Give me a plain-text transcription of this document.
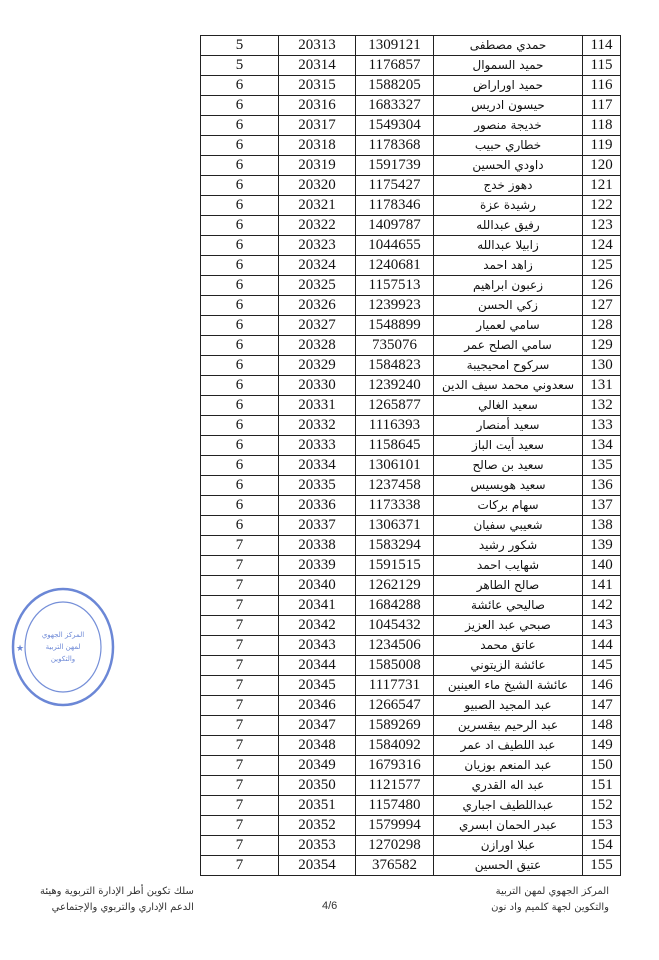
5	20313	1309121	حمدي مصطفى	114
5	20314	1176857	حميد السموال	115
6	20315	1588205	حميد اوراراض	116
6	20316	1683327	حيسون ادريس	117
6	20317	1549304	خديجة منصور	118
6	20318	1178368	خطاري حبيب	119
6	20319	1591739	داودي الحسين	120
6	20320	1175427	دهوز خدج	121
6	20321	1178346	رشيدة عزة	122
6	20322	1409787	رفيق عبدالله	123
6	20323	1044655	زابيلا عبدالله	124
6	20324	1240681	زاهد احمد	125
6	20325	1157513	زعبون ابراهيم	126
6	20326	1239923	زكي الحسن	127
6	20327	1548899	سامي لعميار	128
6	20328	735076	سامي الصلح عمر	129
6	20329	1584823	سركوح امحيجيبة	130
6	20330	1239240	سعدوني محمد سيف الدين	131
6	20331	1265877	سعيد الغالي	132
6	20332	1116393	سعيد أمنصار	133
6	20333	1158645	سعيد أيت الباز	134
6	20334	1306101	سعيد بن صالح	135
6	20335	1237458	سعيد هويسيس	136
6	20336	1173338	سهام بركات	137
6	20337	1306371	شعيبي سفيان	138
7	20338	1583294	شكور رشيد	139
7	20339	1591515	شهايب احمد	140
7	20340	1262129	صالح الطاهر	141
7	20341	1684288	صاليحي عائشة	142
7	20342	1045432	صبحي عبد العزيز	143
7	20343	1234506	عاتق محمد	144
7	20344	1585008	عائشة الزيتوني	145
7	20345	1117731	عائشة الشيخ ماء العينين	146
7	20346	1266547	عبد المجيد الصبيو	147
7	20347	1589269	عبد الرحيم بيقسرين	148
7	20348	1584092	عبد اللطيف اد عمر	149
7	20349	1679316	عبد المنعم بوزيان	150
7	20350	1121577	عبد اله القدري	151
7	20351	1157480	عبداللطيف اجباري	152
7	20352	1579994	عبدر الحمان ابسري	153
7	20353	1270298	عبلا اورازن	154
7	20354	376582	عتيق الحسين	155
المركز الجهوي
لمهن التربية
والتكوين
★
المركز الجهوي لمهن التربية
والتكوين لجهة كلميم واد نون
4/6
سلك تكوين أطر الإدارة التربوية وهيئة
الدعم الإداري والتربوي والإجتماعي
